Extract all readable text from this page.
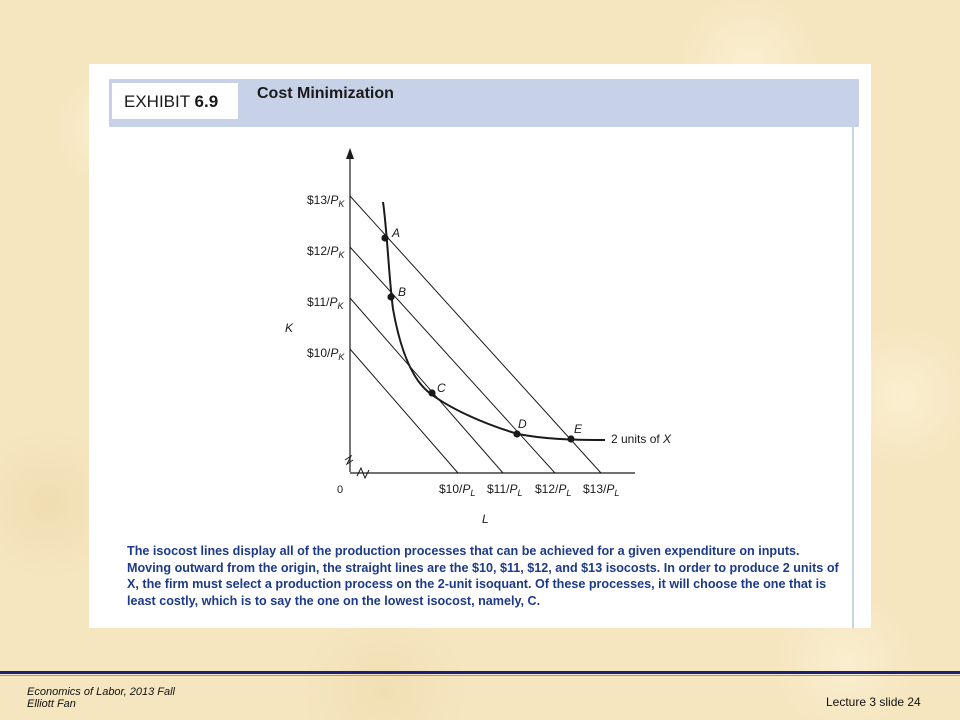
EXHIBIT 6.9	Cost Minimization
A
B
C
D	E
2 units of X
$\$13/P_K$
$\$12/P_K$
$\$11/P_K$
$\$10/P_K$
K
L
0	$\$10/P_L$ $\$11/P_L$ $\$12/P_L$ $\$13/P_L$

The isocost lines display all of the production processes that can be achieved for a given expenditure on inputs. Moving outward from the origin, the straight lines are the $10, $11, $12, and $13 isocosts. In order to produce 2 units of X, the firm must select a production process on the 2-unit isoquant. Of these processes, it will choose the one that is least costly, which is to say the one on the lowest isocost, namely, C.

Economics of Labor, 2013 Fall
Elliott Fan	Lecture 3 slide 24
